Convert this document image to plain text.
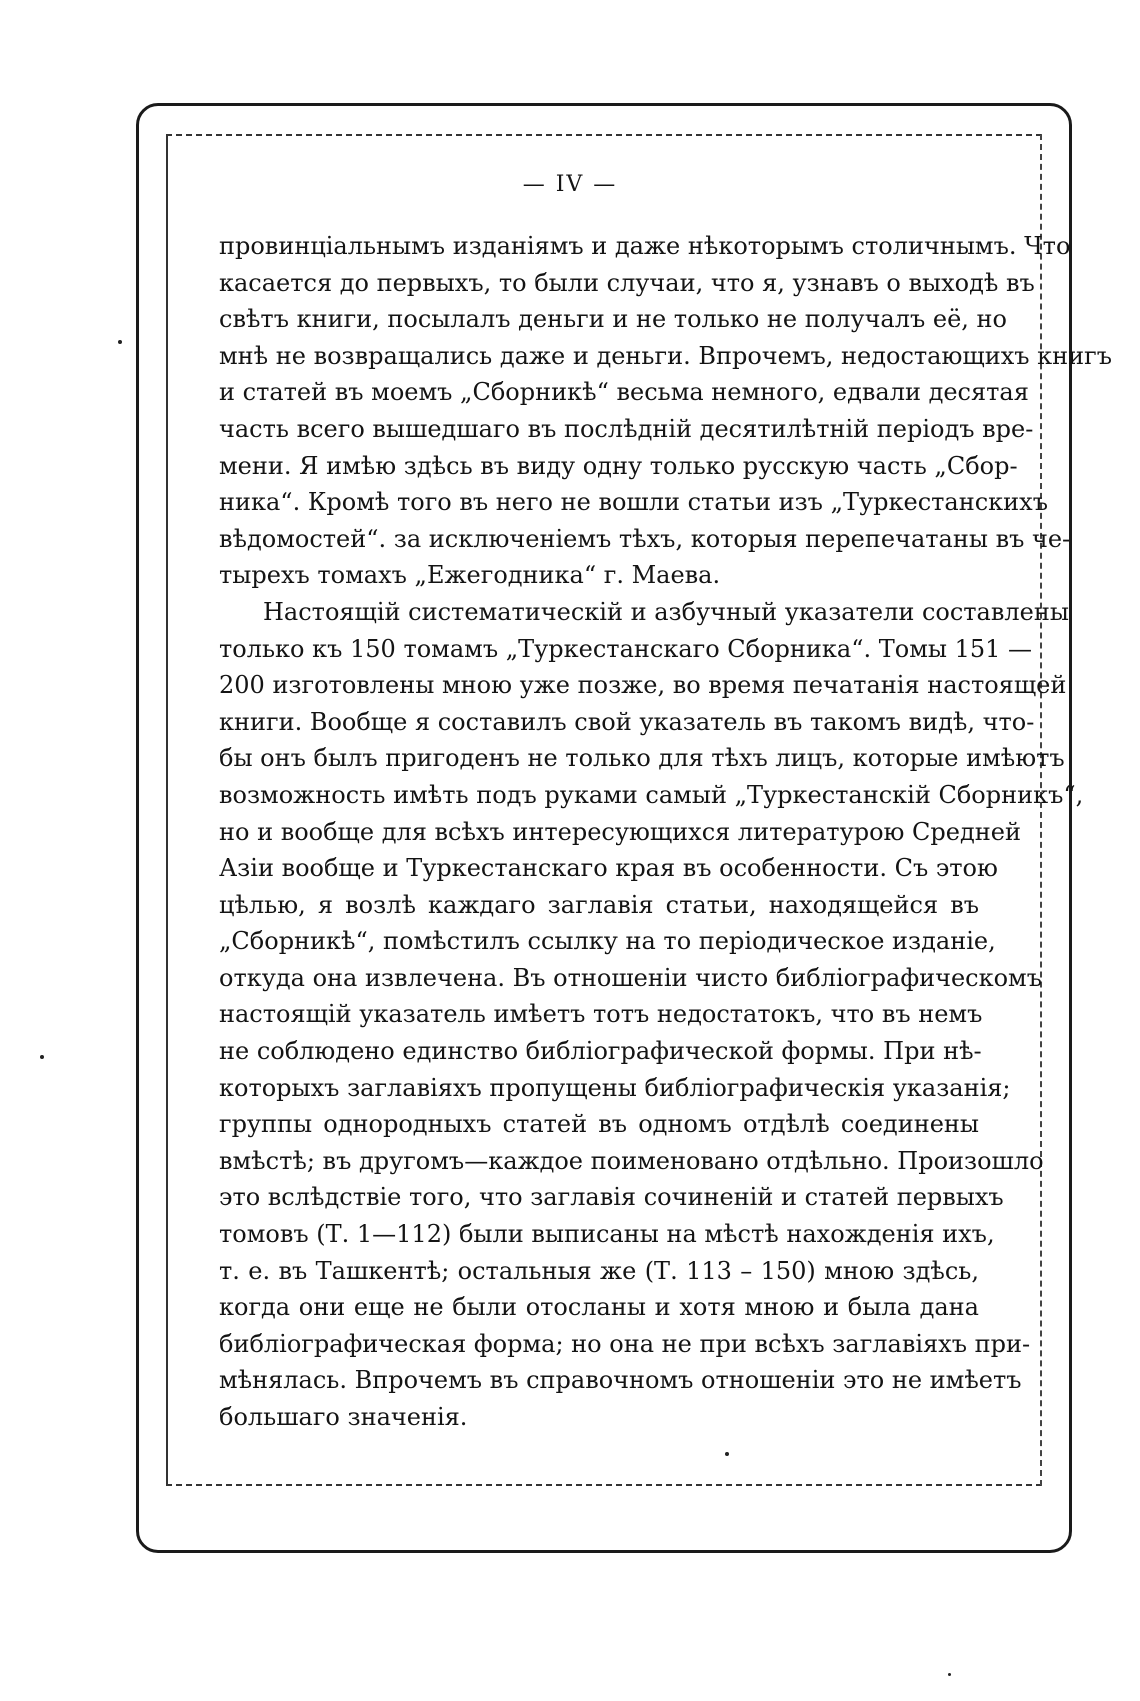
— IV —
провинціальнымъ изданіямъ и даже нѣкоторымъ столичнымъ. Что
касается до первыхъ, то были случаи, что я, узнавъ о выходѣ въ
свѣтъ книги, посылалъ деньги и не только не получалъ её, но
мнѣ не возвращались даже и деньги. Впрочемъ, недостающихъ книгъ
и статей въ моемъ „Сборникѣ“ весьма немного, едвали десятая
часть всего вышедшаго въ послѣдній десятилѣтній періодъ вре-
мени. Я имѣю здѣсь въ виду одну только русскую часть „Сбор-
ника“. Кромѣ того въ него не вошли статьи изъ „Туркестанскихъ
вѣдомостей“. за исключеніемъ тѣхъ, которыя перепечатаны въ че-
тырехъ томахъ „Ежегодника“ г. Маева.
Настоящій систематическій и азбучный указатели составлены
только къ 150 томамъ „Туркестанскаго Сборника“. Томы 151 —
200 изготовлены мною уже позже, во время печатанія настоящей
книги. Вообще я составилъ свой указатель въ такомъ видѣ, что-
бы онъ былъ пригоденъ не только для тѣхъ лицъ, которые имѣютъ
возможность имѣть подъ руками самый „Туркестанскій Сборникъ“,
но и вообще для всѣхъ интересующихся литературою Средней
Азіи вообще и Туркестанскаго края въ особенности. Съ этою
цѣлью, я возлѣ каждаго заглавія статьи, находящейся въ
„Сборникѣ“, помѣстилъ ссылку на то періодическое изданіе,
откуда она извлечена. Въ отношеніи чисто библіографическомъ
настоящій указатель имѣетъ тотъ недостатокъ, что въ немъ
не соблюдено единство библіографической формы. При нѣ-
которыхъ заглавіяхъ пропущены библіографическія указанія;
группы однородныхъ статей въ одномъ отдѣлѣ соединены
вмѣстѣ; въ другомъ—каждое поименовано отдѣльно. Произошло
это вслѣдствіе того, что заглавія сочиненій и статей первыхъ
томовъ (Т. 1—112) были выписаны на мѣстѣ нахожденія ихъ,
т. е. въ Ташкентѣ; остальныя же (Т. 113 – 150) мною здѣсь,
когда они еще не были отосланы и хотя мною и была дана
библіографическая форма; но она не при всѣхъ заглавіяхъ при-
мѣнялась. Впрочемъ въ справочномъ отношеніи это не имѣетъ
большаго значенія.
